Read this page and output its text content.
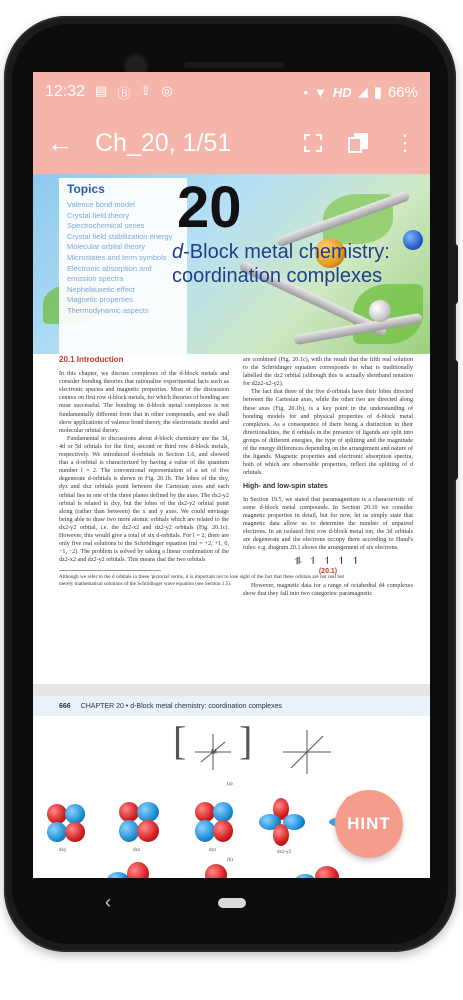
12:32 ▤ Ⓑ ⇪ ◎	• ▼ HD ◢ ▮ 66%
← Ch_20, 1/51	⋮
Topics
Valence bond model
Crystal field theory
Spectrochemical series
Crystal field stabilization energy
Molecular orbital theory
Microstates and term symbols
Electronic absorption and emission spectra
Nephelauxetic effect
Magnetic properties
Thermodynamic aspects
20
d-Block metal chemistry: coordination complexes
20.1 Introduction

In this chapter, we discuss complexes of the d-block metals and consider bonding theories that rationalize experimental facts such as electronic spectra and magnetic properties. Most of the discussion centres on first row d-block metals, for which theories of bonding are most successful. The bonding in d-block metal complexes is not fundamentally different from that in other compounds, and we shall show applications of valence bond theory, the electrostatic model and molecular orbital theory.

Fundamental to discussions about d-block chemistry are the 3d, 4d or 5d orbitals for the first, second or third row d-block metals, respectively. We introduced d-orbitals in Section 1.6, and showed that a d-orbital is characterized by having a value of the quantum number l = 2. The conventional representation of a set of five degenerate d-orbitals is shown in Fig. 20.1b. The lobes of the dxy, dyz and dxz orbitals point between the Cartesian axes and each orbital lies in one of the three planes defined by the axes. The dx2-y2 orbital is related to dxy, but the lobes of the dx2-y2 orbital point along (rather than between) the x and y axes. We could envisage being able to draw two more atomic orbitals which are related to the dx2-y2 orbital, i.e. the dz2-x2 and dz2-y2 orbitals (Fig. 20.1c). However, this would give a total of six d-orbitals. For l = 2, there are only five real solutions to the Schrödinger equation (ml = +2, +1, 0, −1, −2). The problem is solved by taking a linear combination of the dz2-x2 and dz2-y2 orbitals. This means that the two orbitals

Although we refer to the d orbitals in these 'pictorial' terms, it is important not to lose sight of the fact that these orbitals are not real but merely mathematical solutions of the Schrödinger wave equation (see Section 1.5).

are combined (Fig. 20.1c), with the result that the fifth real solution to the Schrödinger equation corresponds to what is traditionally labelled the dz2 orbital (although this is actually shorthand notation for d2z2-x2-y2).

The fact that three of the five d-orbitals have their lobes directed between the Cartesian axes, while the other two are directed along these axes (Fig. 20.1b), is a key point in the understanding of bonding models for and physical properties of d-block metal complexes. As a consequence of there being a distinction in their directionalities, the d orbitals in the presence of ligands are split into groups of different energies, the type of splitting and the magnitude of the energy differences depending on the arrangement and nature of the ligands. Magnetic properties and electronic absorption spectra, both of which are observable properties, reflect the splitting of d orbitals.

High- and low-spin states

In Section 19.5, we stated that paramagnetism is a characteristic of some d-block metal compounds. In Section 20.10 we consider magnetic properties in detail, but for now, let us simply state that magnetic data allow us to determine the number of unpaired electrons. In an isolated first row d-block metal ion, the 3d orbitals are degenerate and the electrons occupy them according to Hund's rules: e.g. diagram 20.1 shows the arrangement of six electrons.

⥮ ↿ ↿ ↿ ↿
(20.1)

However, magnetic data for a range of octahedral d4 complexes show that they fall into two categories: paramagnetic

666 CHAPTER 20 • d-Block metal chemistry: coordination complexes
[ ]
M
(a)
dxy	dxz	dyz
(b)
dx2-y2
HINT
‹
